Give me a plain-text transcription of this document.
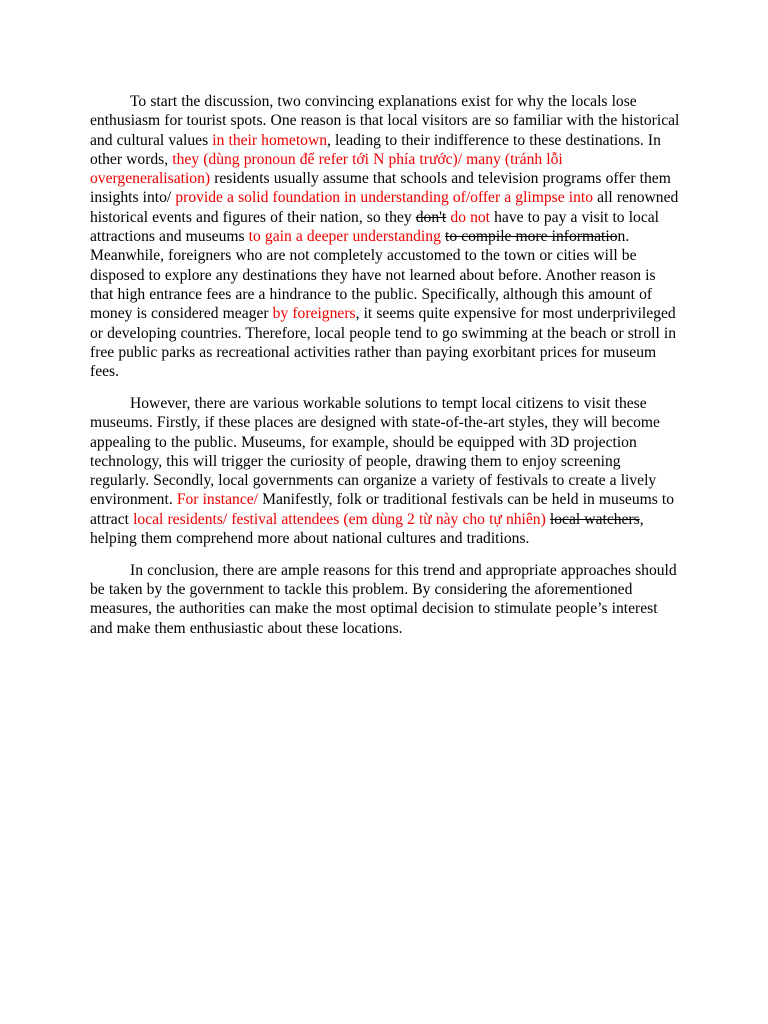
To start the discussion, two convincing explanations exist for why the locals lose enthusiasm for tourist spots. One reason is that local visitors are so familiar with the historical and cultural values in their hometown, leading to their indifference to these destinations. In other words, they (dùng pronoun để refer tới N phía trước)/ many (tránh lỗi overgeneralisation) residents usually assume that schools and television programs offer them insights into/ provide a solid foundation in understanding of/offer a glimpse into all renowned historical events and figures of their nation, so they don't do not have to pay a visit to local attractions and museums to gain a deeper understanding to compile more information. Meanwhile, foreigners who are not completely accustomed to the town or cities will be disposed to explore any destinations they have not learned about before. Another reason is that high entrance fees are a hindrance to the public. Specifically, although this amount of money is considered meager by foreigners, it seems quite expensive for most underprivileged or developing countries. Therefore, local people tend to go swimming at the beach or stroll in free public parks as recreational activities rather than paying exorbitant prices for museum fees.

However, there are various workable solutions to tempt local citizens to visit these museums. Firstly, if these places are designed with state-of-the-art styles, they will become appealing to the public. Museums, for example, should be equipped with 3D projection technology, this will trigger the curiosity of people, drawing them to enjoy screening regularly. Secondly, local governments can organize a variety of festivals to create a lively environment. For instance/ Manifestly, folk or traditional festivals can be held in museums to attract local residents/ festival attendees (em dùng 2 từ này cho tự nhiên) local watchers, helping them comprehend more about national cultures and traditions.

In conclusion, there are ample reasons for this trend and appropriate approaches should be taken by the government to tackle this problem. By considering the aforementioned measures, the authorities can make the most optimal decision to stimulate people’s interest and make them enthusiastic about these locations.
